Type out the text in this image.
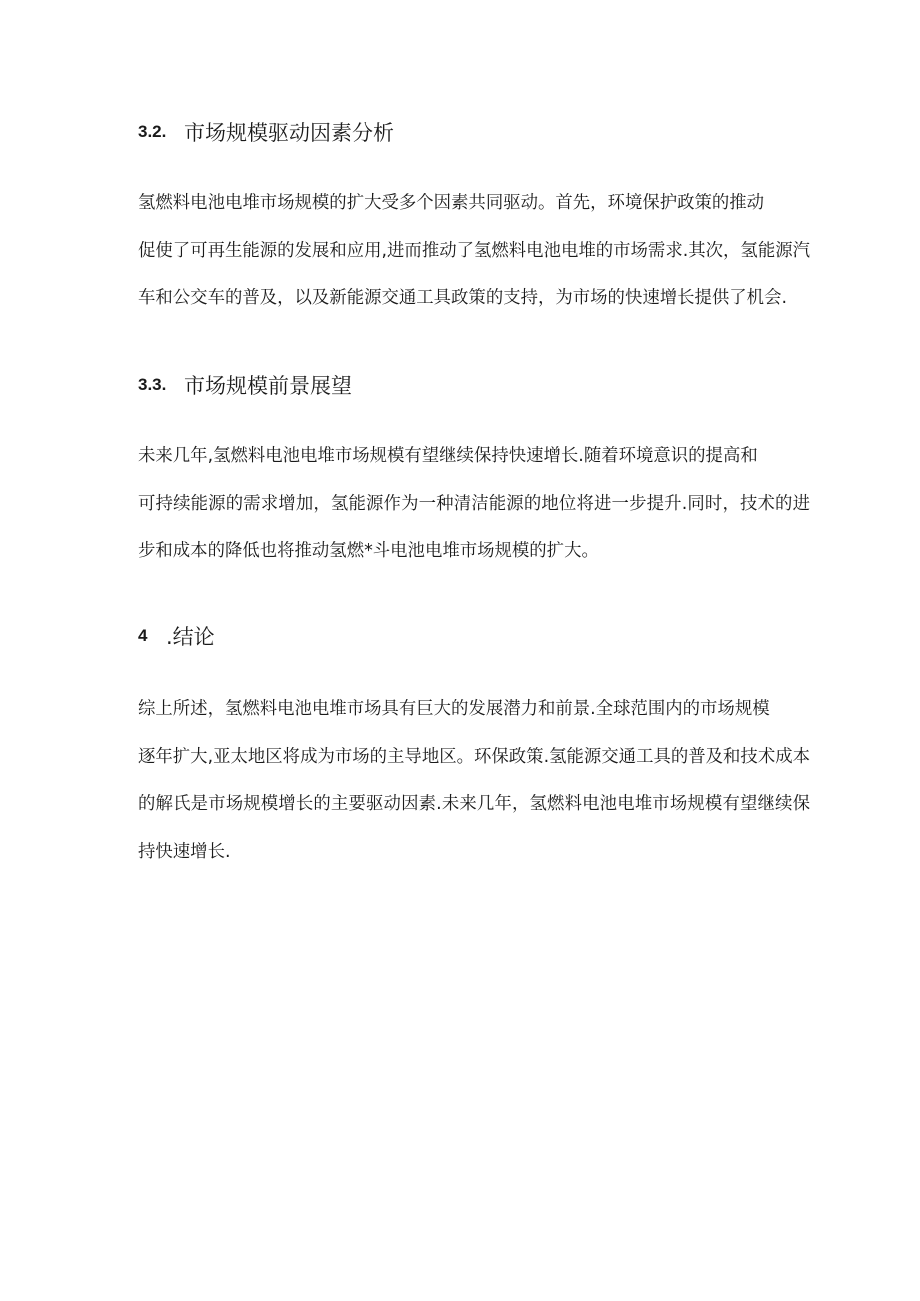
3.2. 市场规模驱动因素分析
氢燃料电池电堆市场规模的扩大受多个因素共同驱动。首先，环境保护政策的推动
促使了可再生能源的发展和应用,进而推动了氢燃料电池电堆的市场需求.其次，氢能源汽
车和公交车的普及，以及新能源交通工具政策的支持，为市场的快速增长提供了机会.
3.3. 市场规模前景展望
未来几年,氢燃料电池电堆市场规模有望继续保持快速增长.随着环境意识的提高和
可持续能源的需求增加，氢能源作为一种清洁能源的地位将进一步提升.同时，技术的进
步和成本的降低也将推动氢燃*斗电池电堆市场规模的扩大。
4 .结论
综上所述，氢燃料电池电堆市场具有巨大的发展潜力和前景.全球范围内的市场规模
逐年扩大,亚太地区将成为市场的主导地区。环保政策.氢能源交通工具的普及和技术成本
的解氏是市场规模增长的主要驱动因素.未来几年，氢燃料电池电堆市场规模有望继续保
持快速增长.
